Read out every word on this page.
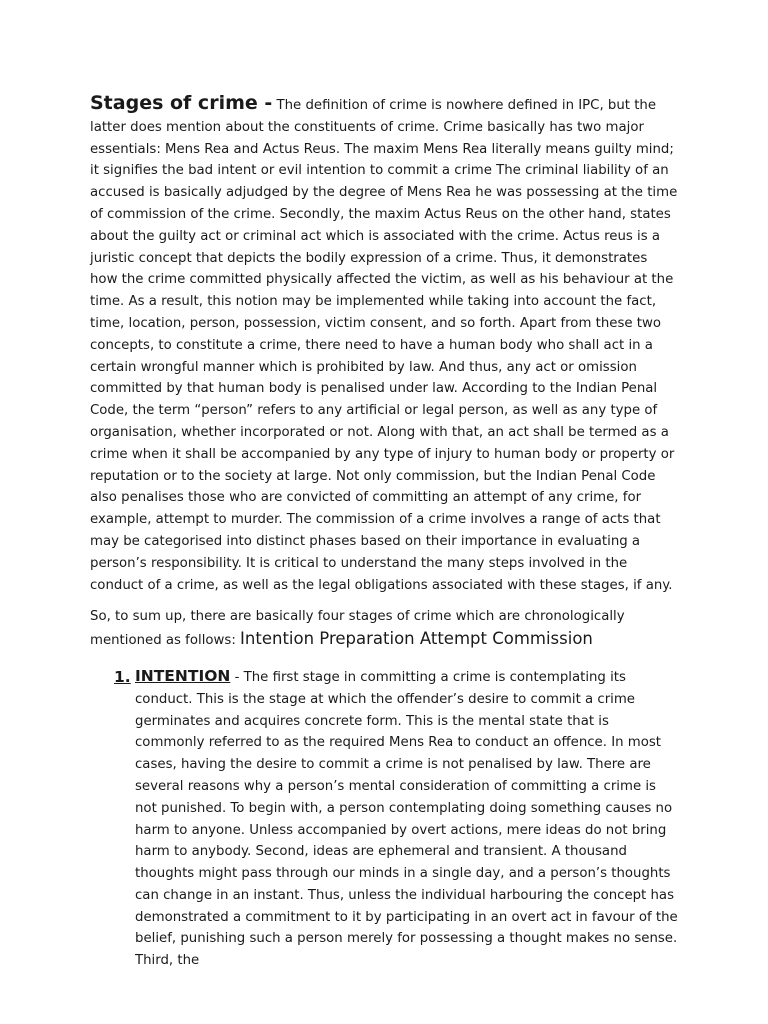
Stages of crime - The definition of crime is nowhere defined in IPC, but the latter does mention about the constituents of crime. Crime basically has two major essentials: Mens Rea and Actus Reus. The maxim Mens Rea literally means guilty mind; it signifies the bad intent or evil intention to commit a crime The criminal liability of an accused is basically adjudged by the degree of Mens Rea he was possessing at the time of commission of the crime. Secondly, the maxim Actus Reus on the other hand, states about the guilty act or criminal act which is associated with the crime. Actus reus is a juristic concept that depicts the bodily expression of a crime. Thus, it demonstrates how the crime committed physically affected the victim, as well as his behaviour at the time. As a result, this notion may be implemented while taking into account the fact, time, location, person, possession, victim consent, and so forth. Apart from these two concepts, to constitute a crime, there need to have a human body who shall act in a certain wrongful manner which is prohibited by law. And thus, any act or omission committed by that human body is penalised under law. According to the Indian Penal Code, the term “person” refers to any artificial or legal person, as well as any type of organisation, whether incorporated or not. Along with that, an act shall be termed as a crime when it shall be accompanied by any type of injury to human body or property or reputation or to the society at large. Not only commission, but the Indian Penal Code also penalises those who are convicted of committing an attempt of any crime, for example, attempt to murder. The commission of a crime involves a range of acts that may be categorised into distinct phases based on their importance in evaluating a person’s responsibility. It is critical to understand the many steps involved in the conduct of a crime, as well as the legal obligations associated with these stages, if any.

So, to sum up, there are basically four stages of crime which are chronologically mentioned as follows: Intention Preparation Attempt Commission

1. INTENTION - The first stage in committing a crime is contemplating its conduct. This is the stage at which the offender’s desire to commit a crime germinates and acquires concrete form. This is the mental state that is commonly referred to as the required Mens Rea to conduct an offence. In most cases, having the desire to commit a crime is not penalised by law. There are several reasons why a person’s mental consideration of committing a crime is not punished. To begin with, a person contemplating doing something causes no harm to anyone. Unless accompanied by overt actions, mere ideas do not bring harm to anybody. Second, ideas are ephemeral and transient. A thousand thoughts might pass through our minds in a single day, and a person’s thoughts can change in an instant. Thus, unless the individual harbouring the concept has demonstrated a commitment to it by participating in an overt act in favour of the belief, punishing such a person merely for possessing a thought makes no sense. Third, the
